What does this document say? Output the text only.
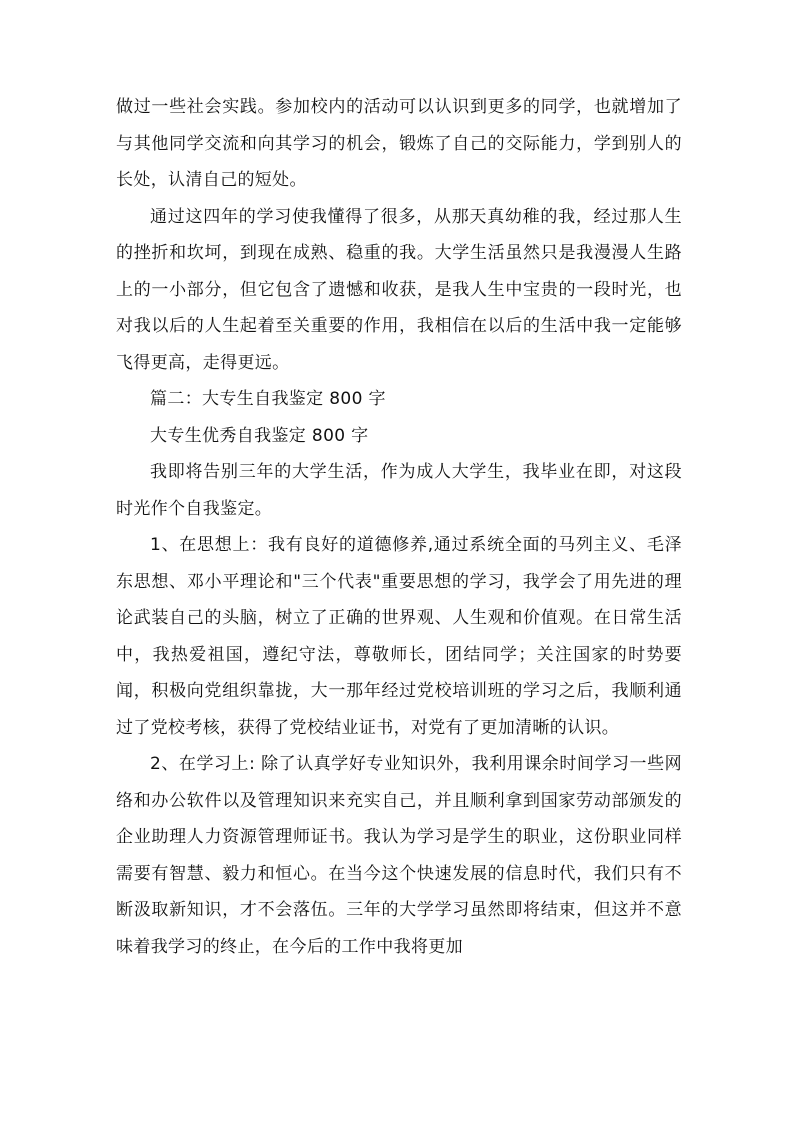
做过一些社会实践。参加校内的活动可以认识到更多的同学，也就增加了与其他同学交流和向其学习的机会，锻炼了自己的交际能力，学到别人的长处，认清自己的短处。

通过这四年的学习使我懂得了很多，从那天真幼稚的我，经过那人生的挫折和坎坷，到现在成熟、稳重的我。大学生活虽然只是我漫漫人生路上的一小部分，但它包含了遗憾和收获，是我人生中宝贵的一段时光，也对我以后的人生起着至关重要的作用，我相信在以后的生活中我一定能够飞得更高，走得更远。

篇二：大专生自我鉴定 800 字

大专生优秀自我鉴定 800 字

我即将告别三年的大学生活，作为成人大学生，我毕业在即，对这段时光作个自我鉴定。

1、在思想上：我有良好的道德修养,通过系统全面的马列主义、毛泽东思想、邓小平理论和"三个代表"重要思想的学习，我学会了用先进的理论武装自己的头脑，树立了正确的世界观、人生观和价值观。在日常生活中，我热爱祖国，遵纪守法，尊敬师长，团结同学；关注国家的时势要闻，积极向党组织靠拢，大一那年经过党校培训班的学习之后，我顺利通过了党校考核，获得了党校结业证书，对党有了更加清晰的认识。

2、在学习上: 除了认真学好专业知识外，我利用课余时间学习一些网络和办公软件以及管理知识来充实自己，并且顺利拿到国家劳动部颁发的企业助理人力资源管理师证书。我认为学习是学生的职业，这份职业同样需要有智慧、毅力和恒心。在当今这个快速发展的信息时代，我们只有不断汲取新知识，才不会落伍。三年的大学学习虽然即将结束，但这并不意味着我学习的终止，在今后的工作中我将更加
